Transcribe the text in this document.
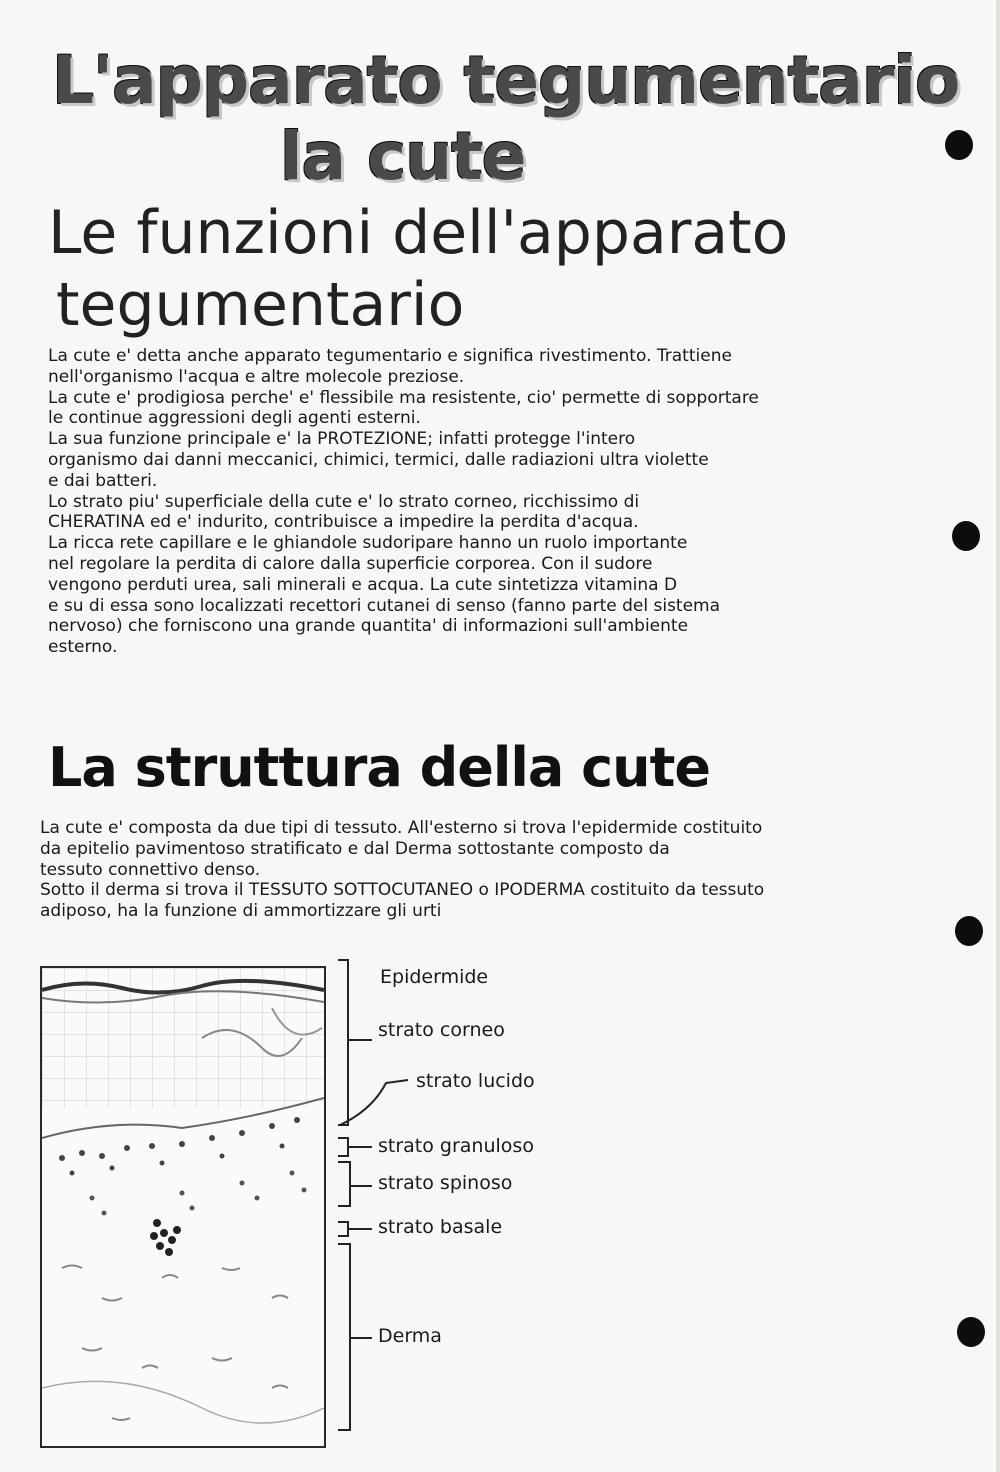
L'apparato tegumentario
la cute
Le funzioni dell'apparato
tegumentario
La cute e' detta anche apparato tegumentario e significa rivestimento. Trattiene
nell'organismo l'acqua e altre molecole preziose.
La cute e' prodigiosa perche' e' flessibile ma resistente, cio' permette di sopportare
le continue aggressioni degli agenti esterni.
La sua funzione principale e' la PROTEZIONE; infatti protegge l'intero
organismo dai danni meccanici, chimici, termici, dalle radiazioni ultra violette
e dai batteri.
Lo strato piu' superficiale della cute e' lo strato corneo, ricchissimo di
CHERATINA ed e' indurito, contribuisce a impedire la perdita d'acqua.
La ricca rete capillare e le ghiandole sudoripare hanno un ruolo importante
nel regolare la perdita di calore dalla superficie corporea. Con il sudore
vengono perduti urea, sali minerali e acqua. La cute sintetizza vitamina D
e su di essa sono localizzati recettori cutanei di senso (fanno parte del sistema
nervoso) che forniscono una grande quantita' di informazioni sull'ambiente
esterno.
La struttura della cute
La cute e' composta da due tipi di tessuto. All'esterno si trova l'epidermide costituito
da epitelio pavimentoso stratificato e dal Derma sottostante composto da
tessuto connettivo denso.
Sotto il derma si trova il TESSUTO SOTTOCUTANEO o IPODERMA costituito da tessuto
adiposo, ha la funzione di ammortizzare gli urti
Epidermide
strato corneo
strato lucido
strato granuloso
strato spinoso
strato basale
Derma
